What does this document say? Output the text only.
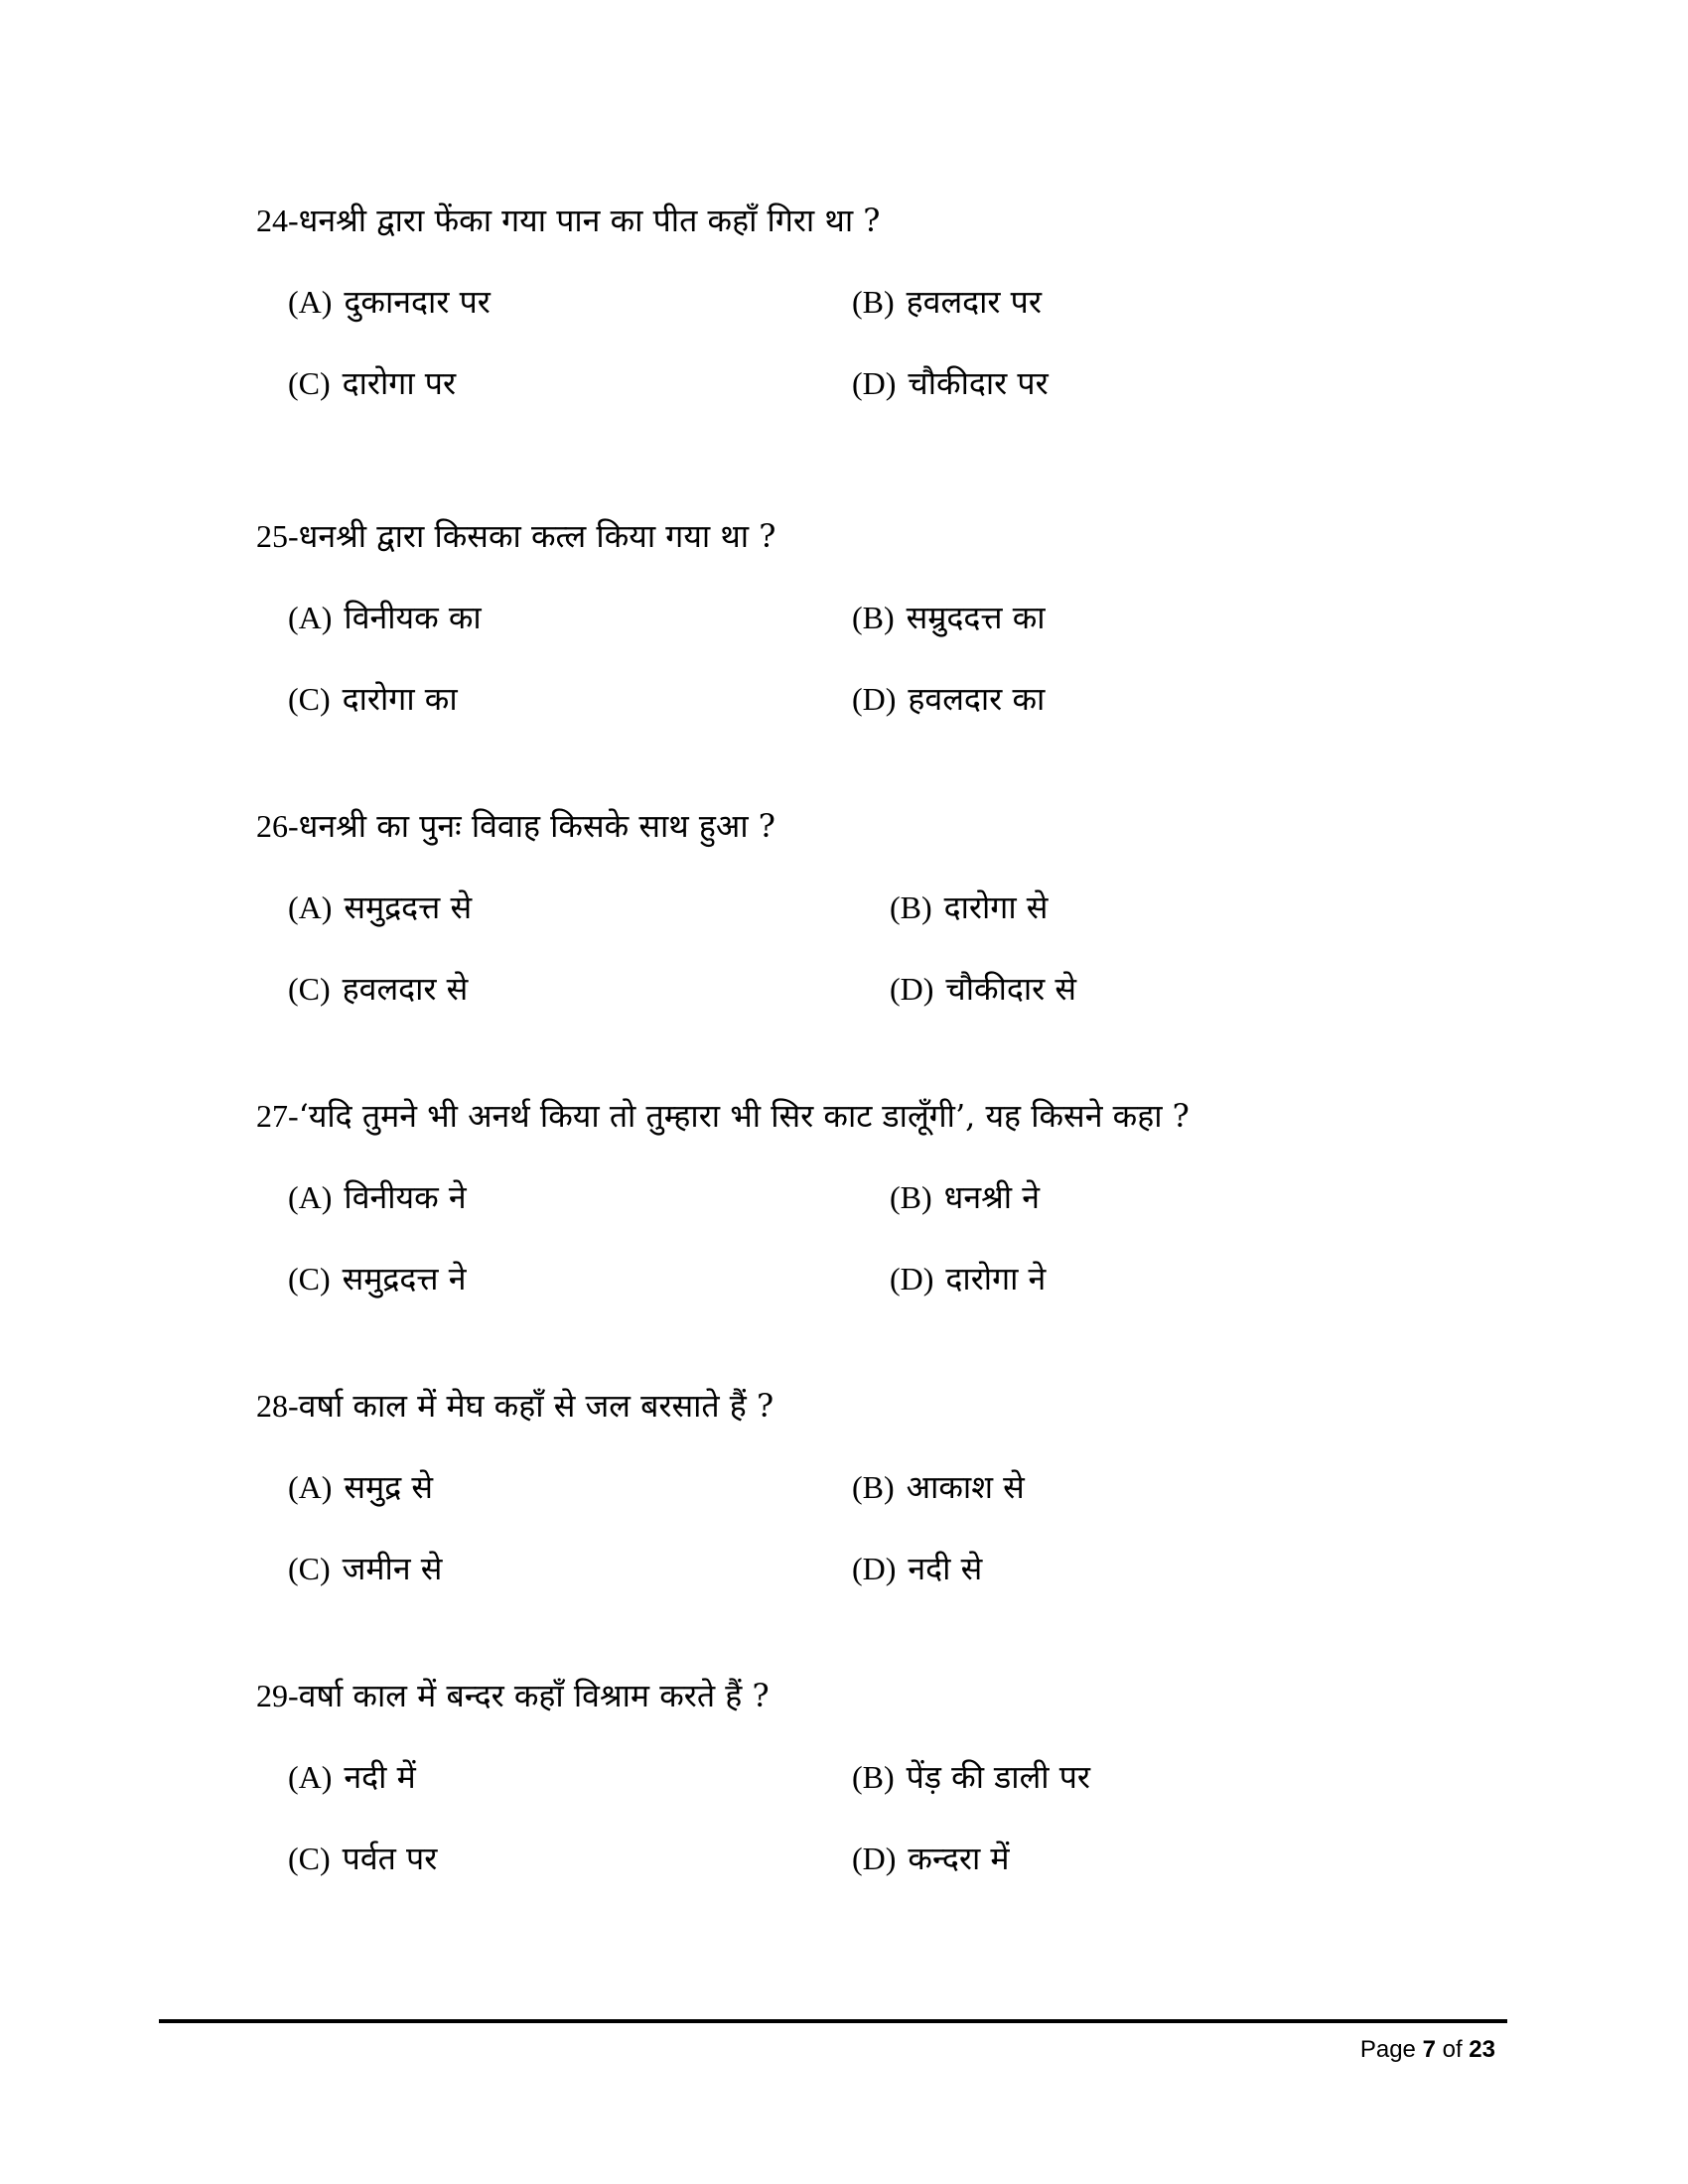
24-धनश्री द्वारा फेंका गया पान का पीत कहाँ गिरा था ?

(A) दुकानदार पर	(B) हवलदार पर
(C) दारोगा पर	(D) चौकीदार पर

25-धनश्री द्वारा किसका कत्ल किया गया था ?

(A) विनीयक का	(B) सम्रुददत्त का
(C) दारोगा का	(D) हवलदार का

26-धनश्री का पुनः विवाह किसके साथ हुआ ?

(A) समुद्रदत्त से	(B) दारोगा से
(C) हवलदार से	(D) चौकीदार से

27-‘यदि तुमने भी अनर्थ किया तो तुम्हारा भी सिर काट डालूँगी’, यह किसने कहा ?

(A) विनीयक ने	(B) धनश्री ने
(C) समुद्रदत्त ने	(D) दारोगा ने

28-वर्षा काल में मेघ कहाँ से जल बरसाते हैं ?

(A) समुद्र से	(B) आकाश से
(C) जमीन से	(D) नदी से

29-वर्षा काल में बन्दर कहाँ विश्राम करते हैं ?

(A) नदी में	(B) पेंड़ की डाली पर
(C) पर्वत पर	(D) कन्दरा में
Page 7 of 23
